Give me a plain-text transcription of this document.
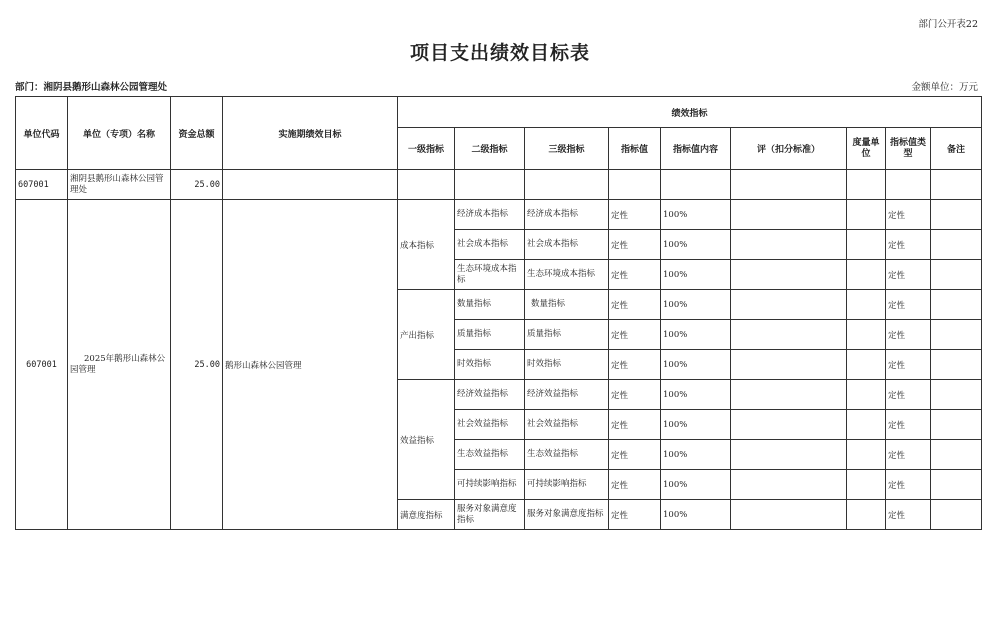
部门公开表22
项目支出绩效目标表
部门：湘阴县鹅形山森林公园管理处	金额单位：万元
单位代码	单位（专项）名称	资金总额	实施期绩效目标	绩效指标								
				一级指标	二级指标	三级指标	指标值	指标值内容	评（扣分标准）	度量单位	指标值类型	备注
607001	湘阴县鹅形山森林公园管理处	25.00										
607001	2025年鹅形山森林公园管理	25.00	鹅形山森林公园管理	成本指标	经济成本指标	经济成本指标	定性	100%			定性	
					社会成本指标	社会成本指标	定性	100%			定性	
					生态环境成本指标	生态环境成本指标	定性	100%			定性	
				产出指标	数量指标	数量指标	定性	100%			定性	
					质量指标	质量指标	定性	100%			定性	
					时效指标	时效指标	定性	100%			定性	
				效益指标	经济效益指标	经济效益指标	定性	100%			定性	
					社会效益指标	社会效益指标	定性	100%			定性	
					生态效益指标	生态效益指标	定性	100%			定性	
					可持续影响指标	可持续影响指标	定性	100%			定性	
				满意度指标	服务对象满意度指标	服务对象满意度指标	定性	100%			定性	
